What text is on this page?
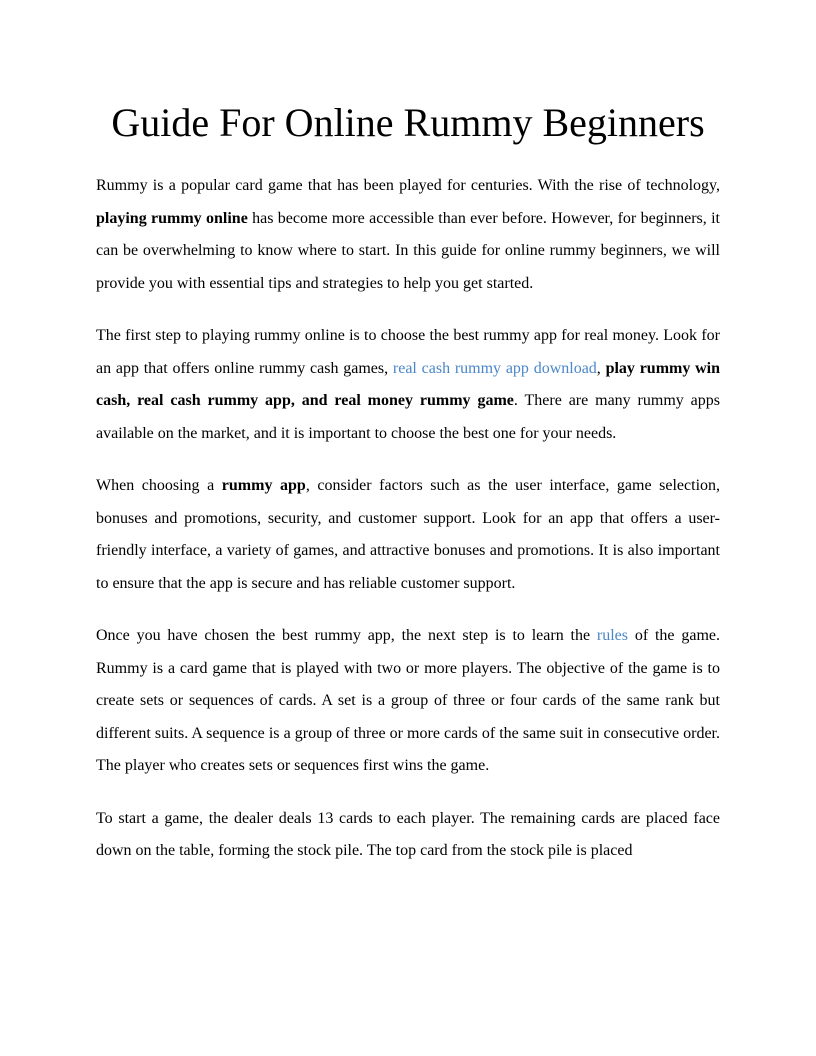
Guide For Online Rummy Beginners

Rummy is a popular card game that has been played for centuries. With the rise of technology, playing rummy online has become more accessible than ever before. However, for beginners, it can be overwhelming to know where to start. In this guide for online rummy beginners, we will provide you with essential tips and strategies to help you get started.

The first step to playing rummy online is to choose the best rummy app for real money. Look for an app that offers online rummy cash games, real cash rummy app download, play rummy win cash, real cash rummy app, and real money rummy game. There are many rummy apps available on the market, and it is important to choose the best one for your needs.

When choosing a rummy app, consider factors such as the user interface, game selection, bonuses and promotions, security, and customer support. Look for an app that offers a user-friendly interface, a variety of games, and attractive bonuses and promotions. It is also important to ensure that the app is secure and has reliable customer support.

Once you have chosen the best rummy app, the next step is to learn the rules of the game. Rummy is a card game that is played with two or more players. The objective of the game is to create sets or sequences of cards. A set is a group of three or four cards of the same rank but different suits. A sequence is a group of three or more cards of the same suit in consecutive order. The player who creates sets or sequences first wins the game.

To start a game, the dealer deals 13 cards to each player. The remaining cards are placed face down on the table, forming the stock pile. The top card from the stock pile is placed
